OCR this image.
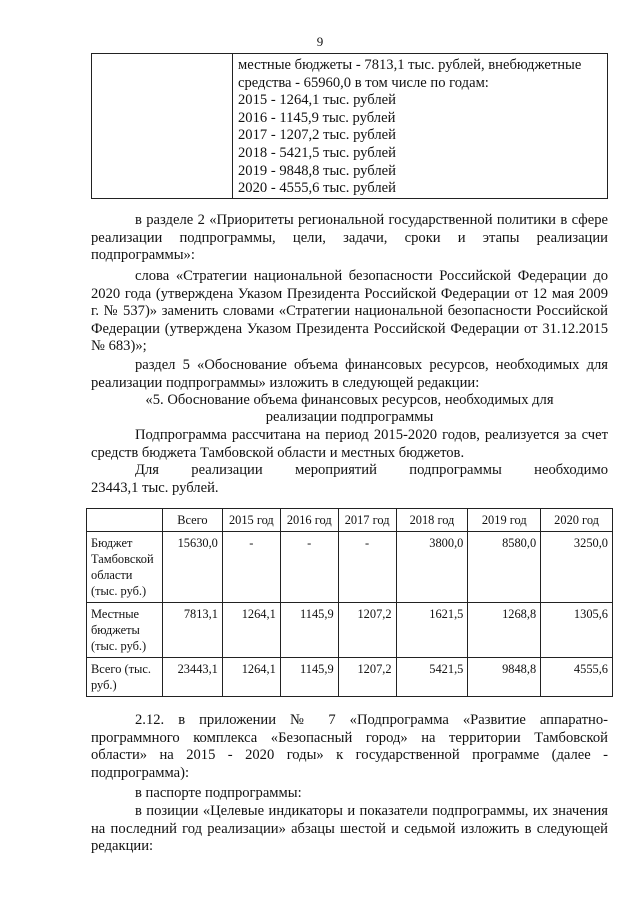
9

местные бюджеты - 7813,1 тыс. рублей, внебюджетные
средства - 65960,0 в том числе по годам:
2015 - 1264,1 тыс. рублей
2016 - 1145,9 тыс. рублей
2017 - 1207,2 тыс. рублей
2018 - 5421,5 тыс. рублей
2019 - 9848,8 тыс. рублей
2020 - 4555,6 тыс. рублей

в разделе 2 «Приоритеты региональной государственной политики в сфере реализации подпрограммы, цели, задачи, сроки и этапы реализации подпрограммы»:

слова «Стратегии национальной безопасности Российской Федерации до 2020 года (утверждена Указом Президента Российской Федерации от 12 мая 2009 г. № 537)» заменить словами «Стратегии национальной безопасности Российской Федерации (утверждена Указом Президента Российской Федерации от 31.12.2015 № 683)»;

раздел 5 «Обоснование объема финансовых ресурсов, необходимых для реализации подпрограммы» изложить в следующей редакции:

«5. Обоснование объема финансовых ресурсов, необходимых для

реализации подпрограммы

Подпрограмма рассчитана на период 2015-2020 годов, реализуется за счет средств бюджета Тамбовской области и местных бюджетов.

Для реализации мероприятий подпрограммы необходимо

23443,1 тыс. рублей.

	Всего	2015 год	2016 год	2017 год	2018 год	2019 год	2020 год
Бюджет Тамбовской области (тыс. руб.)	15630,0	-	-	-	3800,0	8580,0	3250,0
Местные бюджеты (тыс. руб.)	7813,1	1264,1	1145,9	1207,2	1621,5	1268,8	1305,6
Всего (тыс. руб.)	23443,1	1264,1	1145,9	1207,2	5421,5	9848,8	4555,6

2.12. в приложении № 7 «Подпрограмма «Развитие аппаратно-программного комплекса «Безопасный город» на территории Тамбовской области» на 2015 - 2020 годы» к государственной программе (далее - подпрограмма):

в паспорте подпрограммы:

в позиции «Целевые индикаторы и показатели подпрограммы, их значения на последний год реализации» абзацы шестой и седьмой изложить в следующей редакции:
